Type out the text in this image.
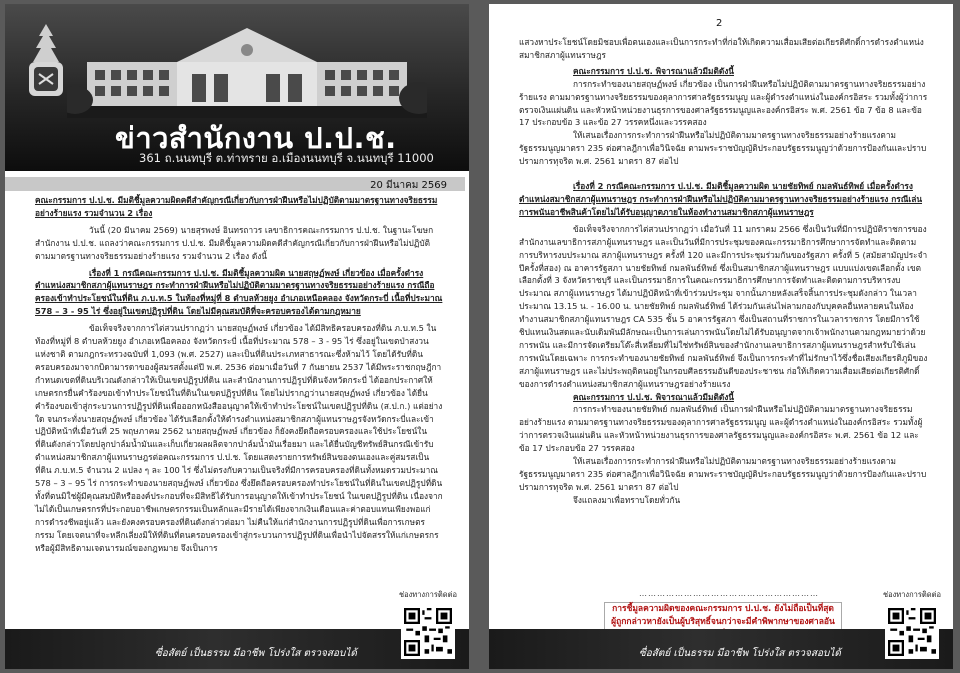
ข่าวสำนักงาน ป.ป.ช.
361 ถ.นนทบุรี ต.ท่าทราย อ.เมืองนนทบุรี จ.นนทบุรี 11000
20 มีนาคม 2569

คณะกรรมการ ป.ป.ช. มีมติชี้มูลความผิดคดีสำคัญกรณีเกี่ยวกับการฝ่าฝืนหรือไม่ปฏิบัติตามมาตรฐานทางจริยธรรมอย่างร้ายแรง รวมจำนวน 2 เรื่อง

วันนี้ (20 มีนาคม 2569) นายสุรพงษ์ อินทรถาวร เลขาธิการคณะกรรมการ ป.ป.ช. ในฐานะโฆษกสำนักงาน ป.ป.ช. แถลงว่าคณะกรรมการ ป.ป.ช. มีมติชี้มูลความผิดคดีสำคัญกรณีเกี่ยวกับการฝ่าฝืนหรือไม่ปฏิบัติตามมาตรฐานทางจริยธรรมอย่างร้ายแรง รวมจำนวน 2 เรื่อง ดังนี้

เรื่องที่ 1 กรณีคณะกรรมการ ป.ป.ช. มีมติชี้มูลความผิด นายสฤษฏ์พงษ์ เกี่ยวข้อง เมื่อครั้งดำรงตำแหน่งสมาชิกสภาผู้แทนราษฎร กระทำการฝ่าฝืนหรือไม่ปฏิบัติตามมาตรฐานทางจริยธรรมอย่างร้ายแรง กรณีถือครองเข้าทำประโยชน์ในที่ดิน ภ.บ.ท.5 ในท้องที่หมู่ที่ 8 ตำบลห้วยยูง อำเภอเหนือคลอง จังหวัดกระบี่ เนื้อที่ประมาณ 578 – 3 - 95 ไร่ ซึ่งอยู่ในเขตปฏิรูปที่ดิน โดยไม่มีคุณสมบัติที่จะครอบครองได้ตามกฎหมาย

ข้อเท็จจริงจากการไต่สวนปรากฏว่า นายสฤษฏ์พงษ์ เกี่ยวข้อง ได้มีสิทธิครอบครองที่ดิน ภ.บ.ท.5 ในท้องที่หมู่ที่ 8 ตำบลห้วยยูง อำเภอเหนือคลอง จังหวัดกระบี่ เนื้อที่ประมาณ 578 – 3 - 95 ไร่ ซึ่งอยู่ในเขตป่าสงวนแห่งชาติ ตามกฎกระทรวงฉบับที่ 1,093 (พ.ศ. 2527) และเป็นที่ดินประเภทสาธารณะซึ่งห้ามไว้ โดยได้รับที่ดินครอบครองมาจากบิดามารดาของผู้สมรสตั้งแต่ปี พ.ศ. 2536 ต่อมาเมื่อวันที่ 7 กันยายน 2537 ได้มีพระราชกฤษฎีกากำหนดเขตที่ดินบริเวณดังกล่าวให้เป็นเขตปฏิรูปที่ดิน และสำนักงานการปฏิรูปที่ดินจังหวัดกระบี่ ได้ออกประกาศให้เกษตรกรยื่นคำร้องขอเข้าทำประโยชน์ในที่ดินในเขตปฏิรูปที่ดิน โดยไม่ปรากฏว่านายสฤษฏ์พงษ์ เกี่ยวข้อง ได้ยื่นคำร้องขอเข้าสู่กระบวนการปฏิรูปที่ดินเพื่อออกหนังสืออนุญาตให้เข้าทำประโยชน์ในเขตปฏิรูปที่ดิน (ส.ป.ก.) แต่อย่างใด จนกระทั่งนายสฤษฏ์พงษ์ เกี่ยวข้อง ได้รับเลือกตั้งให้ดำรงตำแหน่งสมาชิกสภาผู้แทนราษฎรจังหวัดกระบี่และเข้าปฏิบัติหน้าที่เมื่อวันที่ 25 พฤษภาคม 2562 นายสฤษฏ์พงษ์ เกี่ยวข้อง ก็ยังคงยึดถือครอบครองและใช้ประโยชน์ในที่ดินดังกล่าวโดยปลูกปาล์มน้ำมันและเก็บเกี่ยวผลผลิตจากปาล์มน้ำมันเรื่อยมา และได้ยื่นบัญชีทรัพย์สินกรณีเข้ารับตำแหน่งสมาชิกสภาผู้แทนราษฎรต่อคณะกรรมการ ป.ป.ช. โดยแสดงรายการทรัพย์สินของตนเองและคู่สมรสเป็นที่ดิน ภ.บ.ท.5 จำนวน 2 แปลง ๆ ละ 100 ไร่ ซึ่งไม่ตรงกับความเป็นจริงที่มีการครอบครองที่ดินทั้งหมดรวมประมาณ 578 – 3 – 95 ไร่ การกระทำของนายสฤษฏ์พงษ์ เกี่ยวข้อง ซึ่งยึดถือครอบครองทำประโยชน์ในที่ดินในเขตปฏิรูปที่ดิน ทั้งที่ตนมิใช่ผู้มีคุณสมบัติหรือองค์ประกอบที่จะมีสิทธิได้รับการอนุญาตให้เข้าทำประโยชน์ ในเขตปฏิรูปที่ดิน เนื่องจากไม่ได้เป็นเกษตรกรที่ประกอบอาชีพเกษตรกรรมเป็นหลักและมีรายได้เพียงจากเงินเดือนและค่าตอบแทนเพียงพอแก่การดำรงชีพอยู่แล้ว และยังคงครอบครองที่ดินดังกล่าวต่อมา ไม่คืนให้แก่สำนักงานการปฏิรูปที่ดินเพื่อการเกษตรกรรม โดยเจตนาที่จะหลีกเลี่ยงมิให้ที่ดินที่ตนครอบครองเข้าสู่กระบวนการปฏิรูปที่ดินเพื่อนำไปจัดสรรให้แก่เกษตรกรหรือผู้มีสิทธิตามเจตนารมณ์ของกฎหมาย จึงเป็นการ

ช่องทางการติดต่อ
ซื่อสัตย์ เป็นธรรม มีอาชีพ โปร่งใส ตรวจสอบได้
2

แสวงหาประโยชน์โดยมิชอบเพื่อตนเองและเป็นการกระทำที่ก่อให้เกิดความเสื่อมเสียต่อเกียรติศักดิ์การดำรงตำแหน่งสมาชิกสภาผู้แทนราษฎร

คณะกรรมการ ป.ป.ช. พิจารณาแล้วมีมติดังนี้

การกระทำของนายสฤษฏ์พงษ์ เกี่ยวข้อง เป็นการฝ่าฝืนหรือไม่ปฏิบัติตามมาตรฐานทางจริยธรรมอย่างร้ายแรง ตามมาตรฐานทางจริยธรรมของตุลาการศาลรัฐธรรมนูญ และผู้ดำรงตำแหน่งในองค์กรอิสระ รวมทั้งผู้ว่าการตรวจเงินแผ่นดิน และหัวหน้าหน่วยงานธุรการของศาลรัฐธรรมนูญและองค์กรอิสระ พ.ศ. 2561 ข้อ 7 ข้อ 8 และข้อ 17 ประกอบข้อ 3 และข้อ 27 วรรคหนึ่งและวรรคสอง

ให้เสนอเรื่องการกระทำการฝ่าฝืนหรือไม่ปฏิบัติตามมาตรฐานทางจริยธรรมอย่างร้ายแรงตามรัฐธรรมนูญมาตรา 235 ต่อศาลฎีกาเพื่อวินิจฉัย ตามพระราชบัญญัติประกอบรัฐธรรมนูญว่าด้วยการป้องกันและปราบปรามการทุจริต พ.ศ. 2561 มาตรา 87 ต่อไป

เรื่องที่ 2 กรณีคณะกรรมการ ป.ป.ช. มีมติชี้มูลความผิด นายชัยทิพย์ กมลพันธ์ทิพย์ เมื่อครั้งดำรงตำแหน่งสมาชิกสภาผู้แทนราษฎร กระทำการฝ่าฝืนหรือไม่ปฏิบัติตามมาตรฐานทางจริยธรรมอย่างร้ายแรง กรณีเล่นการพนันอาชีพสินค้าโดยไม่ได้รับอนุญาตภายในห้องทำงานสมาชิกสภาผู้แทนราษฎร

ข้อเท็จจริงจากการไต่สวนปรากฏว่า เมื่อวันที่ 11 มกราคม 2566 ซึ่งเป็นวันที่มีการปฏิบัติราชการของสำนักงานเลขาธิการสภาผู้แทนราษฎร และเป็นวันที่มีการประชุมของคณะกรรมาธิการศึกษาการจัดทำและติดตามการบริหารงบประมาณ สภาผู้แทนราษฎร ครั้งที่ 120 และมีการประชุมร่วมกันของรัฐสภา ครั้งที่ 5 (สมัยสามัญประจำปีครั้งที่สอง) ณ อาคารรัฐสภา นายชัยทิพย์ กมลพันธ์ทิพย์ ซึ่งเป็นสมาชิกสภาผู้แทนราษฎร แบบแบ่งเขตเลือกตั้ง เขตเลือกตั้งที่ 3 จังหวัดราชบุรี และเป็นกรรมาธิการในคณะกรรมาธิการศึกษาการจัดทำและติดตามการบริหารงบประมาณ สภาผู้แทนราษฎร ได้มาปฏิบัติหน้าที่เข้าร่วมประชุม จากนั้นภายหลังเสร็จสิ้นการประชุมดังกล่าว ในเวลาประมาณ 13.15 น. - 16.00 น. นายชัยทิพย์ กมลพันธ์ทิพย์ ได้ร่วมกันเล่นไพ่ลามกองกับบุคคลอื่นหลายคนในห้องทำงานสมาชิกสภาผู้แทนราษฎร CA 535 ชั้น 5 อาคารรัฐสภา ซึ่งเป็นสถานที่ราชการในเวลาราชการ โดยมีการใช้ชิปแทนเงินสดและนับเดิมพันมีลักษณะเป็นการเล่นการพนันโดยไม่ได้รับอนุญาตจากเจ้าพนักงานตามกฎหมายว่าด้วยการพนัน และมีการจัดเตรียมโต๊ะสี่เหลี่ยมที่ไม่ใช่ทรัพย์สินของสำนักงานเลขาธิการสภาผู้แทนราษฎรสำหรับใช้เล่นการพนันโดยเฉพาะ การกระทำของนายชัยทิพย์ กมลพันธ์ทิพย์ จึงเป็นการกระทำที่ไม่รักษาไว้ซึ่งชื่อเสียงเกียรติภูมิของสภาผู้แทนราษฎร และไม่ประพฤติตนอยู่ในกรอบศีลธรรมอันดีของประชาชน ก่อให้เกิดความเสื่อมเสียต่อเกียรติศักดิ์ของการดำรงตำแหน่งสมาชิกสภาผู้แทนราษฎรอย่างร้ายแรง

คณะกรรมการ ป.ป.ช. พิจารณาแล้วมีมติดังนี้

การกระทำของนายชัยทิพย์ กมลพันธ์ทิพย์ เป็นการฝ่าฝืนหรือไม่ปฏิบัติตามมาตรฐานทางจริยธรรมอย่างร้ายแรง ตามมาตรฐานทางจริยธรรมของตุลาการศาลรัฐธรรมนูญ และผู้ดำรงตำแหน่งในองค์กรอิสระ รวมทั้งผู้ว่าการตรวจเงินแผ่นดิน และหัวหน้าหน่วยงานธุรการของศาลรัฐธรรมนูญและองค์กรอิสระ พ.ศ. 2561 ข้อ 12 และข้อ 17 ประกอบข้อ 27 วรรคสอง

ให้เสนอเรื่องการกระทำการฝ่าฝืนหรือไม่ปฏิบัติตามมาตรฐานทางจริยธรรมอย่างร้ายแรงตามรัฐธรรมนูญมาตรา 235 ต่อศาลฎีกาเพื่อวินิจฉัย ตามพระราชบัญญัติประกอบรัฐธรรมนูญว่าด้วยการป้องกันและปราบปรามการทุจริต พ.ศ. 2561 มาตรา 87 ต่อไป

จึงแถลงมาเพื่อทราบโดยทั่วกัน

……………………………………………………

การชี้มูลความผิดของคณะกรรมการ ป.ป.ช. ยังไม่ถือเป็นที่สุด

ผู้ถูกกล่าวหายังเป็นผู้บริสุทธิ์จนกว่าจะมีคำพิพากษาของศาลอัน

ช่องทางการติดต่อ
ซื่อสัตย์ เป็นธรรม มีอาชีพ โปร่งใส ตรวจสอบได้
